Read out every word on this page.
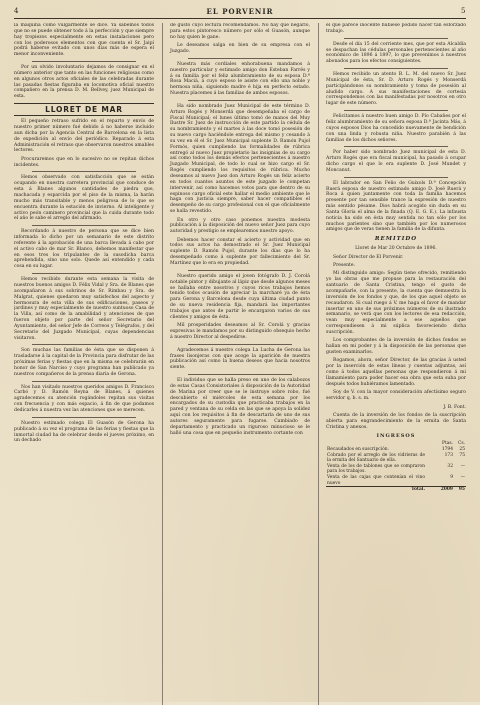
4	EL PORVENIR	5

la máquina como vulgarmente se dice. Ya sabemos todos que no se puede obtener todo á la perfección y que siempre hay tropiezos especialmente en estas instalaciones pero con los poderosos elementos con que cuenta el Sr. Jaipí podrá haberse evitado con unos días más de espera el menor inconveniente.

Por un olvido involuntario dejamos de consignar en el número anterior que tanto en las funciones religiosas como en algunos otros actos oficiales de las celebradas durante las pasadas fiestas figuraba en locomotiva oficial nuestro compañero en la prensa D. M. Bellvey, juez Municipal de esta.

LLORET DE MAR

El pequeño retraso sufrido en el reparto y envío de nuestro primer número fué debido á no haberse incluido aun dicha por la Agencia Central de Barcelona en la lista de expedición al envío del periódico. Reparado á esta Administración el retraso que observaron nuestros amables lectores.

Procuraremos que en lo sucesivo no se repitan dichos incidentes.

Hemos observado con satisfacción que se están ocupando en nuestra carretera provincial que conduce de esta á Blanes algunos cantidades de piedra que, machacada y esparcida por el piso de la misma, la harán mucho más transitable y menos peligrosa de lo que se encuentra durante la estación de invierno. Al inteligente y activo peón caminero provincial que la cuida durante todo el año le sabe el arreglo del afirmado.

Recordando á nuestro de persona que se dice bien informada lo dicho por un semanario de este distrito referente á la aprobación de una barca llevada á cabo por el activo cabo de mar Sr. Blanco, debemos manifestar que en esos tres los tripulantes de la susodicha barca aprehendida, sino uno solo. Quede así entendido y cada cosa en su lugar.

Hemos recibido durante esta semana la visita de nuestros buenos amigos D. Félix Vidal y Sra. de Blanes que acompañaron á sus sobrinos de Sr. Rimbau y Sra. de Malgrat, quienes quedaron muy satisfechos del aspecto y hermosura de esta villa de sus edificaciones, paseos y jardines y muy especialmente de nuestro suntuoso Casa de la Villa, así como de la amabilidad y atenciones de que fueron objeto por parte del señor Secretario del Ayuntamiento, del señor Jefe de Correos y Telégrafos, y del Secretario del Juzgado Municipal, cuyas dependencias visitaron.

Son muchas las familias de ésta que se disponen á trasladarse á la capital de la Provincia para disfrutar de las próximas ferias y fiestas que en la misma se celebrarán en honor de San Narciso y cuyo programa han publicado ya nuestros compañeros de la prensa diaria de Gerona.

Nos han visitado nuestros queridos amigos D. Francisco Carbó y D. Ramón Reyna de Blanes, á quienes agradecemos su atención rogándoles repitan sus visitas con frecuencia y con más espacio, á fin de que podamos dedicarles á nuestra vez las atenciones que se merecen.

Nuestro estimado colega El Guasón de Gerona ha publicado á su vez el programa de las ferias y fiestas que la inmortal ciudad ha de celebrar desde el jueves próximo, en un dechado

de gusto cuyo lectura recomendamos. No hay que negarlo, para estos pintoresco número por sólo el Guasón, aunque no hay quien le gane.

Le deseamos salga en bien de su empresa con el Juzgado.

Nuestra más cordiales enhorabuena mandamos á nuestro particular y estimado amigo don Esteban Farrés y á su familia por el feliz alumbramiento de su esposa D.ª Rosa Maciá, á cuyo esposo le asiste con ello una noble y hermosa niña, siguiendo madre é hija en perfecto estado. Nuestra placemes á las familias de ambos esposos.

Ha sido nombrado Juez Municipal de este término D. Arturo Rogés y Monserdá que desempeñaba el cargo de Fiscal Municipal; el lunes último tomó de manos del Muy Ilustre Sr. Juez de instrucción de este partido la cédula de su nombramiento y el martes á las doce tomó posesión de su nuevo cargo haciéndole entrega del mismo y cesando á su vez en él el Sr. Juez Municipal suplente D. Ramón Pujol Formós, quien cumpliendo las formalidades de rúbrica entregó al nuevo Juez propietario las insignias de su cargo así como todos los demás efectos pertenecientes á nuestro Juzgado Municipal, de todo lo cual se hizo cargo el Sr. Rogés cumpliendo los requisitos de rúbrica. Mucho deseamos al nuevo Juez don Arturo Rogés un feliz acierto en todos cuantos asuntos de este juzgado le competan intervenir, así como hacemos votos para que dentro de su espinoso cargo oficial este hallar el medio ambiente que le haga con justicia siempre, saber hacer compatibles el desempeño de su cargo profesional con el que oficialmente se halla revestido.

En otro y otro caso ponemos nuestra modesta publicación á la disposición del nuevo señor Juez para cuyo autoridad y prestigio se emplearemos nuestro apoyo.

Debemos hacer constar el acierto y actividad que en todos sus actos ha demostrado el Sr. Juez Municipal suplente D. Ramón Pujol, durante los días que lo ha desempeñado como á suplente por fallecimiento del Sr. Martínez que lo era en propiedad.

Nuestro querido amigo el joven fotógrafo D. J. Corolá notable pintor y dibujante al lápiz que desde algunos meses se hallaba entre nosotros y cuyos ricos trabajos hemos tenido todos ocasión de apreciar la marcharé ya de ésta para Gerona y Barcelona desde cuya última ciudad punto de su nueva residencia fija, mandará las importantes trabajos que antes de partir le encargaron varios de sus clientes y amigos de ésta.

Mil prosperidades deseamos al Sr. Corolá y gracias expresivas le mandamos por su distinguido obsequio hecho á nuestro Director al despedirse.

Agradecemos á nuestro colega La Lucha de Gerona las frases lisonjeras con que acoge la aparición de nuestra publicación así como la buena deseos que hacia nosotros siente.

El individuo que se halla preso en uno de los calabozos de estas Casas Consistoriales á disposición de la Autoridad de Marina por creer que se le instruye sobre robo, fué descubierto el miércoles de esta semana por los encargados de su custodia que practicaba trabajos en la pared y ventana de su celda en las que se apoya la solidez aquí con los requisitos á fin de descartarla de uno de sus autores seguramente para fugarse. Cambiado de departamento y practicado un riguroso minucioso se le halló una cosa que en pequeño instrumento cortante con

el que parece inocente hubiese podido hacer tan esforzado trabajo.

Desde el día 15 del corriente mes, que por esta Alcaldía se despachan las cédulas personales pertenecientes al año económico de 1896 á 1897, lo que prevenimos á nuestros abonados para los efectos consiguientes.

Hemos recibido un atento B. L. M. del nuevo Sr. Juez Municipal de ésta, Sr. D. Arturo Rogés y Monserdá participándonos su nombramiento y toma de posesión al aludido cargo. A sus manifestaciones de cortesía correspondemos con las manifestadas por nosotros en otro lugar de este número.

Felicitamos á nuestro buen amigo D. Pío Cabañes por el feliz alumbramiento de su señora esposa D.ª Jacinta Más, á cuyos esposos Dios ha concedido nuevamente de bendición con una linda y robusta niña. Nuestro parabién á las familias de los dichos señores.

Por haber sido nombrado Juez municipal de esta D. Arturo Rogés que era fiscal municipal, ha pasado á ocupar dicho cargo el que lo era suplente D. José Mundet y Moncanut.

El labrador en San Felio de Guixols D.ª Concepción Ruerá esposa de nuestro estimado amigo D. José Ruerá y Roca á quien juntamente con toda la familia hacemos presente por tan sensible trance la expresión de nuestro más sentido pésame. Dios habrá acogido sin duda en su Santa Gloria el alma de la finada (Q. E. G. E.). La infausta noticia ha sido en ésta muy sentida no tan sólo por los muchos parientes sino que también por los numerosos amigos que de veras tienen la familia de la difunta.

REMITIDO

Lloret de Mar 20 Octubre de 1896.

Señor Director de El Porvenir.

Presente.

Mi distinguido amigo: Según tiene ofrecido, remitiendo yo las obras que me propuse para la restauración del santuario de Santa Cristina, tengo el gusto de acompañarle, con la presente, la cuenta que demuestra la inversión de los fondos y que, de los que aquel objeto se recaudaron. Si cual ruego á V. me haga el favor de mandar insertar en uno de sus próximos números de su ilustrado semanario, se verá que con los lectores de esa redacción, vean muy especialmente a ese aquellos que correspondiesen á mi súplica favoreciendo dicha suscripción.

Los comprobantes de la inversión de dichos fondos se hallan en mi poder y á la disposición de las personas que gusten examinarlos.

Rogamos, ahora, señor Director, de las gracias á usted por la inserción de estas líneas y cuentas adjuntas, así como á todos aquellas personas que respondieron á mi llamamiento para poder hacer esa obra que esta suba por después todos hubiéramos lamentado.

Soy de V. con la mayor consideración afectísimo seguro servidor q. b. s. m.

J. B. Font.

Cuenta de la inversión de los fondos de la suscripción abierta para engrandecimiento de la ermita de Santa Cristina y anexos.

INGRESOS
	Ptas.	Cs.
Recaudados en suscripción.	1794	25
Cobrado por el arreglo de los vidrieras de la ermita del Santuario de ella.	173	75
Venta de los de tablones que se compraron para los trabajos.	32	—
Venta de las cajas que contenían el vino nuevo	9	—
Total.	2009	95
